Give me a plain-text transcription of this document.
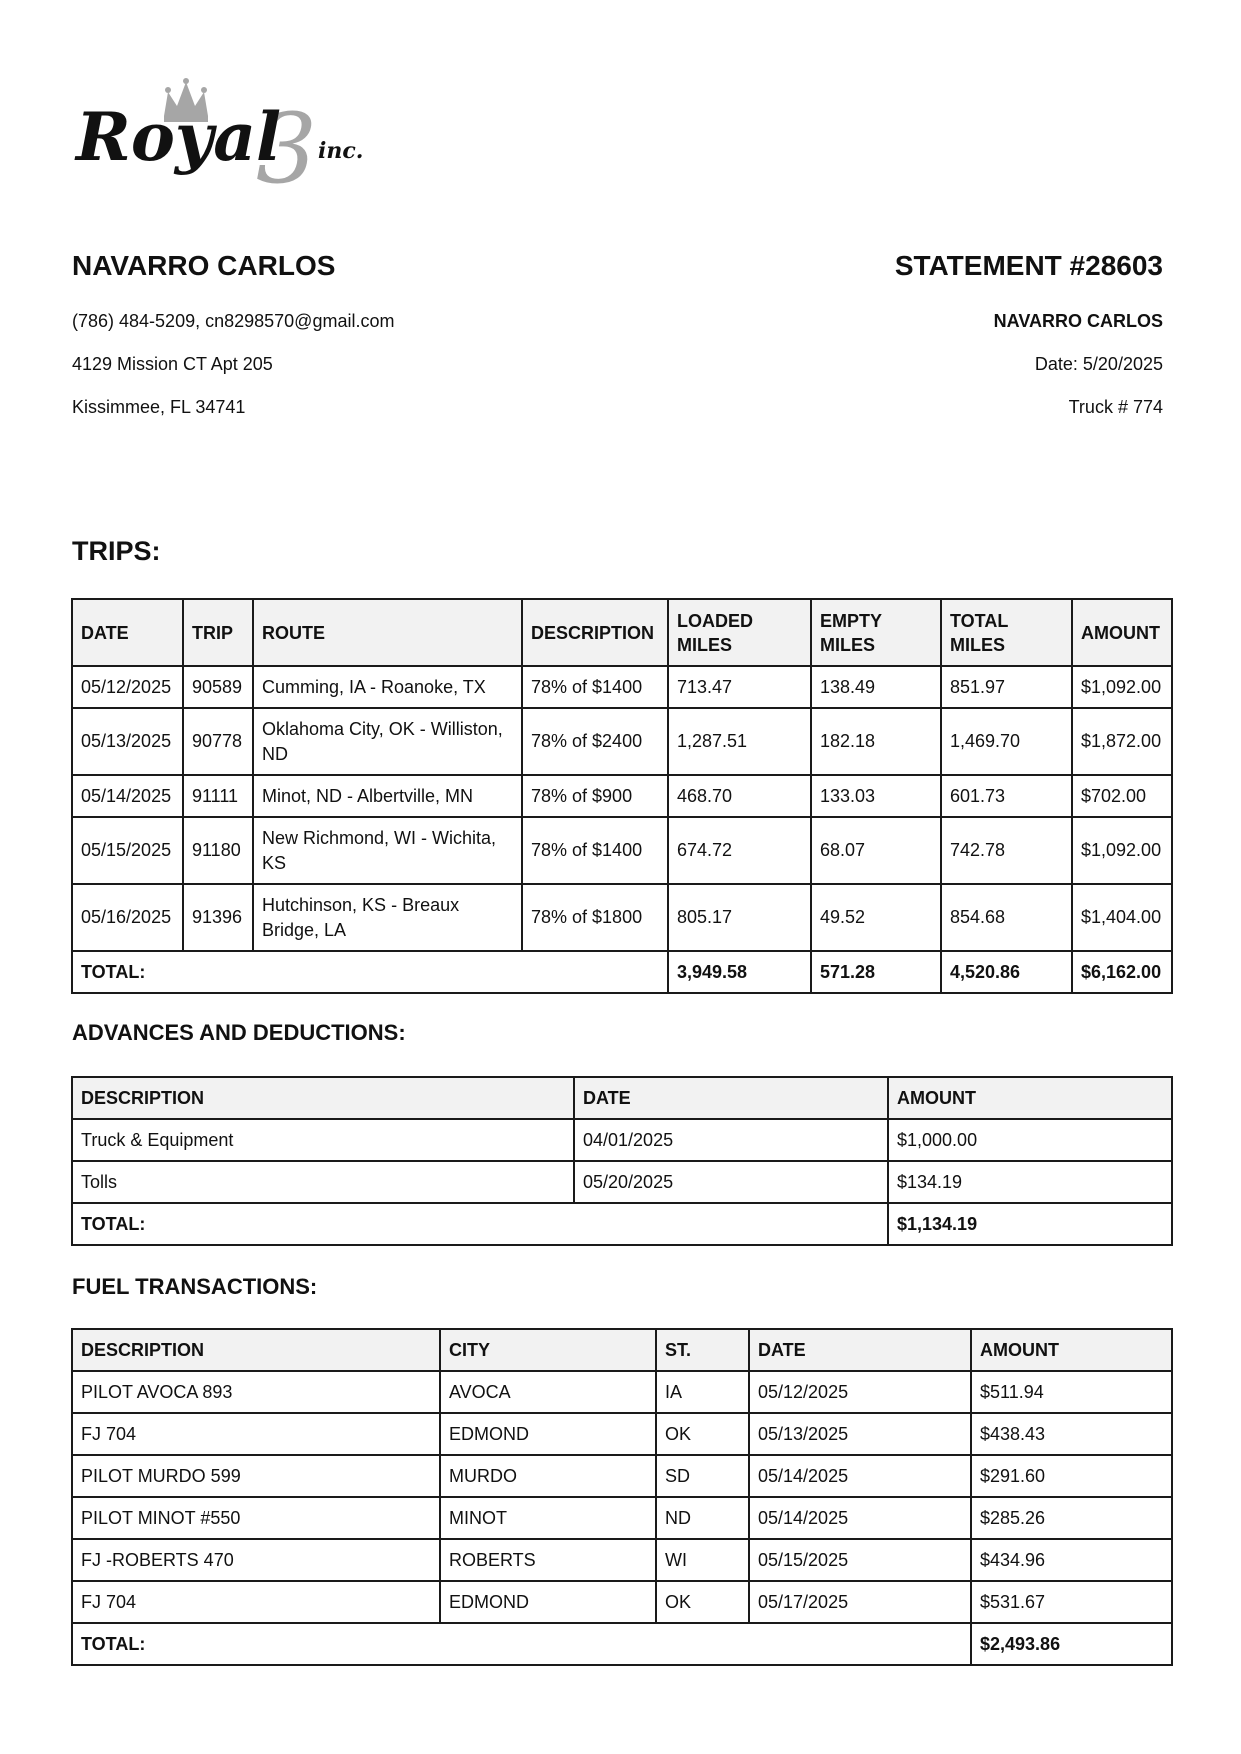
3
Royal inc.
NAVARRO CARLOS	STATEMENT #28603
(786) 484-5209, cn8298570@gmail.com
4129 Mission CT Apt 205
Kissimmee, FL 34741
NAVARRO CARLOS
Date: 5/20/2025
Truck # 774
TRIPS:
DATE	TRIP	ROUTE	DESCRIPTION	LOADED MILES	EMPTY MILES	TOTAL MILES	AMOUNT
05/12/2025	90589	Cumming, IA - Roanoke, TX	78% of $1400	713.47	138.49	851.97	$1,092.00
05/13/2025	90778	Oklahoma City, OK - Williston, ND	78% of $2400	1,287.51	182.18	1,469.70	$1,872.00
05/14/2025	91111	Minot, ND - Albertville, MN	78% of $900	468.70	133.03	601.73	$702.00
05/15/2025	91180	New Richmond, WI - Wichita, KS	78% of $1400	674.72	68.07	742.78	$1,092.00
05/16/2025	91396	Hutchinson, KS - Breaux Bridge, LA	78% of $1800	805.17	49.52	854.68	$1,404.00
TOTAL:				3,949.58	571.28	4,520.86	$6,162.00
ADVANCES AND DEDUCTIONS:
DESCRIPTION	DATE	AMOUNT
Truck & Equipment	04/01/2025	$1,000.00
Tolls	05/20/2025	$134.19
TOTAL:		$1,134.19
FUEL TRANSACTIONS:
DESCRIPTION	CITY	ST.	DATE	AMOUNT
PILOT AVOCA 893	AVOCA	IA	05/12/2025	$511.94
FJ 704	EDMOND	OK	05/13/2025	$438.43
PILOT MURDO 599	MURDO	SD	05/14/2025	$291.60
PILOT MINOT #550	MINOT	ND	05/14/2025	$285.26
FJ -ROBERTS 470	ROBERTS	WI	05/15/2025	$434.96
FJ 704	EDMOND	OK	05/17/2025	$531.67
TOTAL:				$2,493.86
